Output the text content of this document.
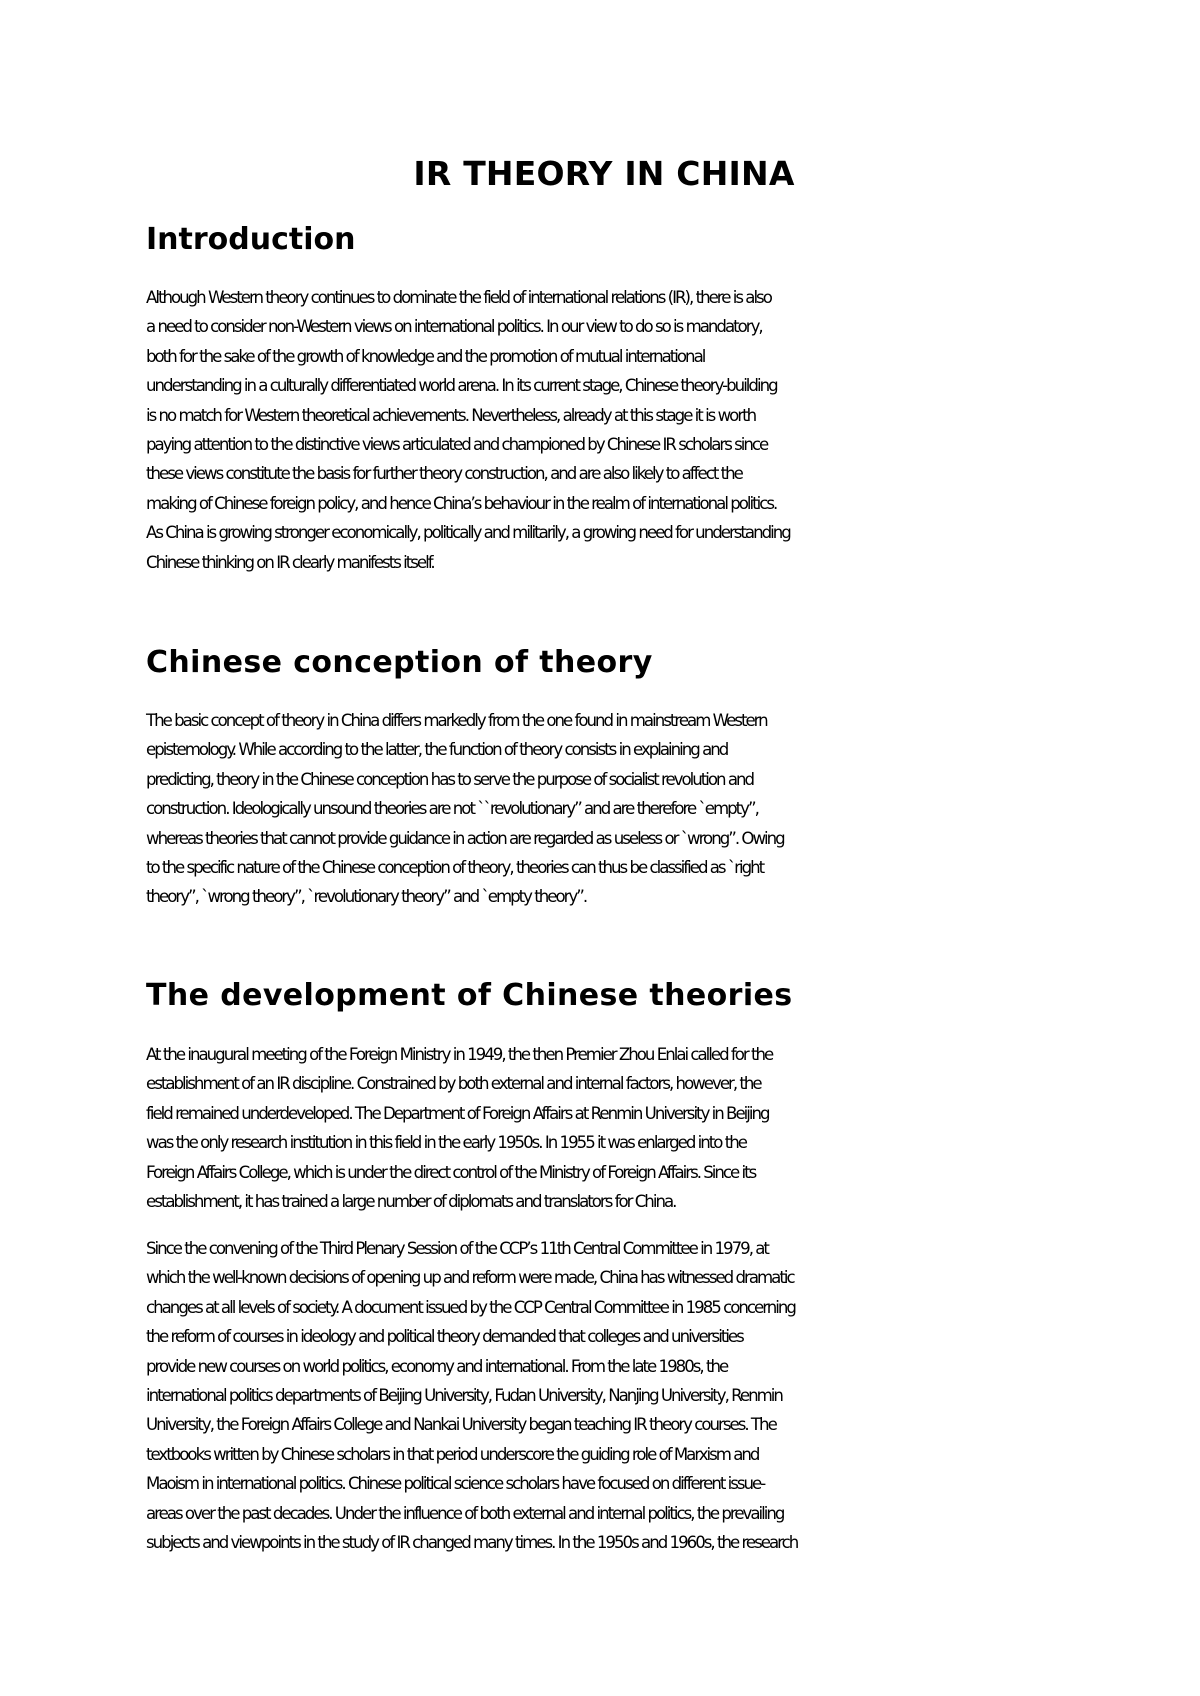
IR THEORY IN CHINA
Introduction

Although Western theory continues to dominate the field of international relations (IR), there is also
a need to consider non-Western views on international politics. In our view to do so is mandatory,
both for the sake of the growth of knowledge and the promotion of mutual international
understanding in a culturally differentiated world arena. In its current stage, Chinese theory-building
is no match for Western theoretical achievements. Nevertheless, already at this stage it is worth
paying attention to the distinctive views articulated and championed by Chinese IR scholars since
these views constitute the basis for further theory construction, and are also likely to affect the
making of Chinese foreign policy, and hence China’s behaviour in the realm of international politics.
As China is growing stronger economically, politically and militarily, a growing need for understanding
Chinese thinking on IR clearly manifests itself.

Chinese conception of theory

The basic concept of theory in China differs markedly from the one found in mainstream Western
epistemology. While according to the latter, the function of theory consists in explaining and
predicting, theory in the Chinese conception has to serve the purpose of socialist revolution and
construction. Ideologically unsound theories are not ``revolutionary’’ and are therefore `empty”,
whereas theories that cannot provide guidance in action are regarded as useless or `wrong”. Owing
to the specific nature of the Chinese conception of theory, theories can thus be classified as `right
theory”, `wrong theory”, `revolutionary theory” and `empty theory”.

The development of Chinese theories

At the inaugural meeting of the Foreign Ministry in 1949, the then Premier Zhou Enlai called for the
establishment of an IR discipline. Constrained by both external and internal factors, however, the
field remained underdeveloped. The Department of Foreign Affairs at Renmin University in Beijing
was the only research institution in this field in the early 1950s. In 1955 it was enlarged into the
Foreign Affairs College, which is under the direct control of the Ministry of Foreign Affairs. Since its
establishment, it has trained a large number of diplomats and translators for China.

Since the convening of the Third Plenary Session of the CCP’s 11th Central Committee in 1979, at
which the well-known decisions of opening up and reform were made, China has witnessed dramatic
changes at all levels of society. A document issued by the CCP Central Committee in 1985 concerning
the reform of courses in ideology and political theory demanded that colleges and universities
provide new courses on world politics, economy and international. From the late 1980s, the
international politics departments of Beijing University, Fudan University, Nanjing University, Renmin
University, the Foreign Affairs College and Nankai University began teaching IR theory courses. The
textbooks written by Chinese scholars in that period underscore the guiding role of Marxism and
Maoism in international politics. Chinese political science scholars have focused on different issue-
areas over the past decades. Under the influence of both external and internal politics, the prevailing
subjects and viewpoints in the study of IR changed many times. In the 1950s and 1960s, the research
